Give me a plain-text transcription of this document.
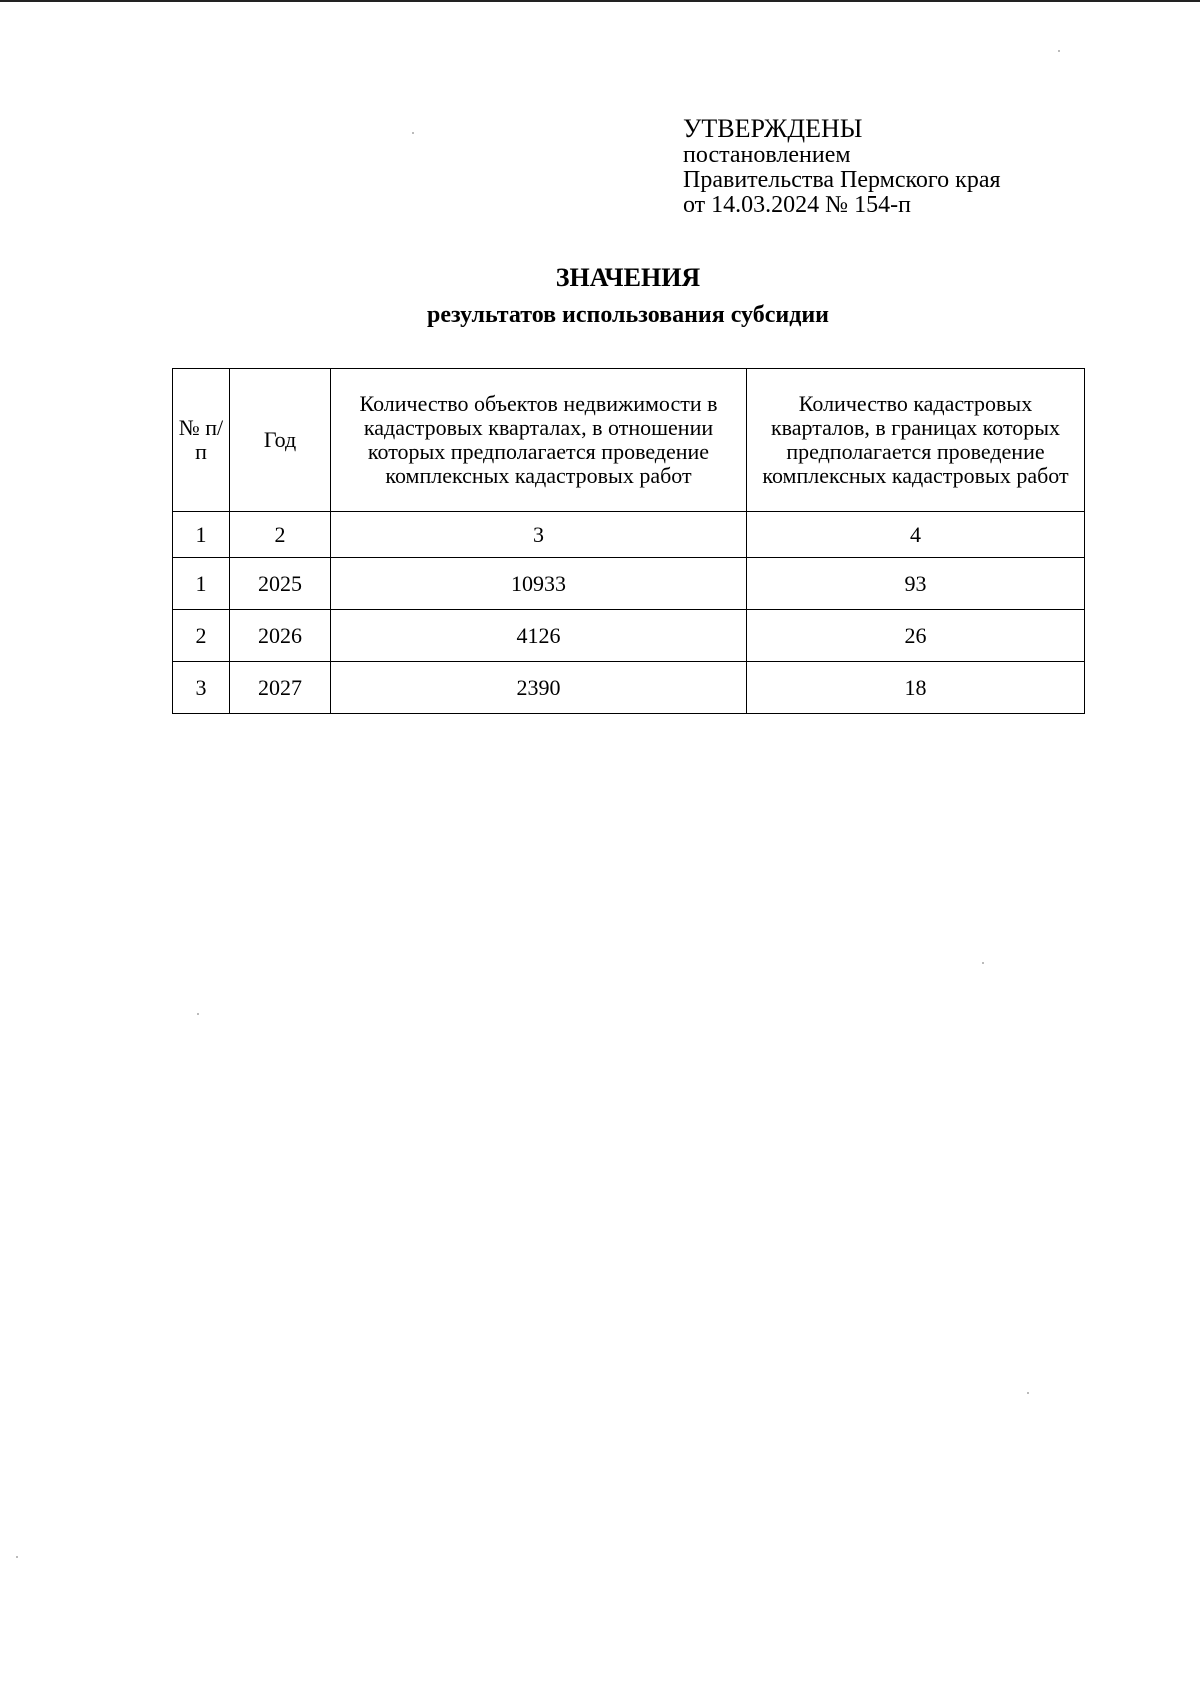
УТВЕРЖДЕНЫ
постановлением
Правительства Пермского края
от 14.03.2024 № 154-п
ЗНАЧЕНИЯ
результатов использования субсидии
№ п/п	Год	Количество объектов недвижимости в кадастровых кварталах, в отношении которых предполагается проведение комплексных кадастровых работ	Количество кадастровых кварталов, в границах которых предполагается проведение комплексных кадастровых работ
1	2	3	4
1	2025	10933	93
2	2026	4126	26
3	2027	2390	18
